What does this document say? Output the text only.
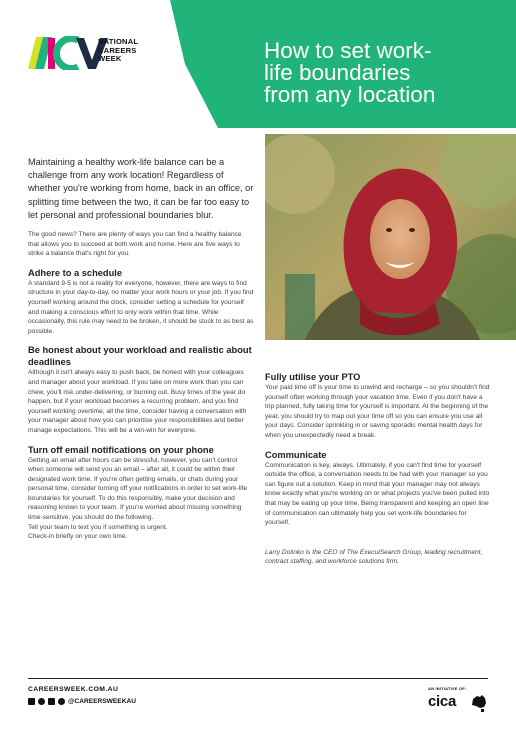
NATIONAL
CAREERS
WEEK	How to set work-
life boundaries
from any location

Maintaining a healthy work-life balance can be a challenge from any work location! Regardless of whether you're working from home, back in an office, or splitting time between the two, it can be far too easy to let personal and professional boundaries blur.

The good news? There are plenty of ways you can find a healthy balance that allows you to succeed at both work and home. Here are five ways to strike a balance that's right for you.

Adhere to a schedule

A standard 9-5 is not a reality for everyone, however, there are ways to find structure in your day-to-day, no matter your work hours or your job. If you find yourself working around the clock, consider setting a schedule for yourself and making a conscious effort to only work within that time. While occasionally, this rule may need to be broken, it should be stuck to as best as possible.

Be honest about your workload and realistic about deadlines

Although it isn't always easy to push back, be honest with your colleagues and manager about your workload. If you take on more work than you can chew, you'll risk under-delivering, or burning out. Busy times of the year do happen, but if your workload becomes a recurring problem, and you find yourself working overtime, all the time, consider having a conversation with your manager about how you can prioritise your responsibilities and better manage expectations. This will be a win-win for everyone.

Turn off email notifications on your phone

Getting an email after hours can be stressful, however, you can't control when someone will send you an email – after all, it could be within their designated work time. If you're often getting emails, or chats during your personal time, consider turning off your notifications in order to set work-life boundaries for yourself. To do this responsibly, make your decision and reasoning known to your team. If you're worried about missing something time-sensitive, you should do the following.

Tell your team to text you if something is urgent.

Check-in briefly on your own time.

Fully utilise your PTO

Your paid time off is your time to unwind and recharge – so you shouldn't find yourself often working through your vacation time. Even if you don't have a trip planned, fully taking time for yourself is important. At the beginning of the year, you should try to map out your time off so you can ensure you use all your days. Consider sprinkling in or saving sporadic mental health days for when you unexpectedly need a break.

Communicate

Communication is key, always. Ultimately, if you can't find time for yourself outside the office, a conversation needs to be had with your manager so you can figure out a solution. Keep in mind that your manager may not always know exactly what you're working on or what projects you've been pulled into that may be eating up your time. Being transparent and keeping an open line of communication can ultimately help you set work-life boundaries for yourself.

Larry Dolinko is the CEO of The ExeculSearch Group, leading recruitment, contract staffing, and workforce solutions firm.

CAREERSWEEK.COM.AU
@CAREERSWEEKAU
AN INITIATIVE OF:
cica
